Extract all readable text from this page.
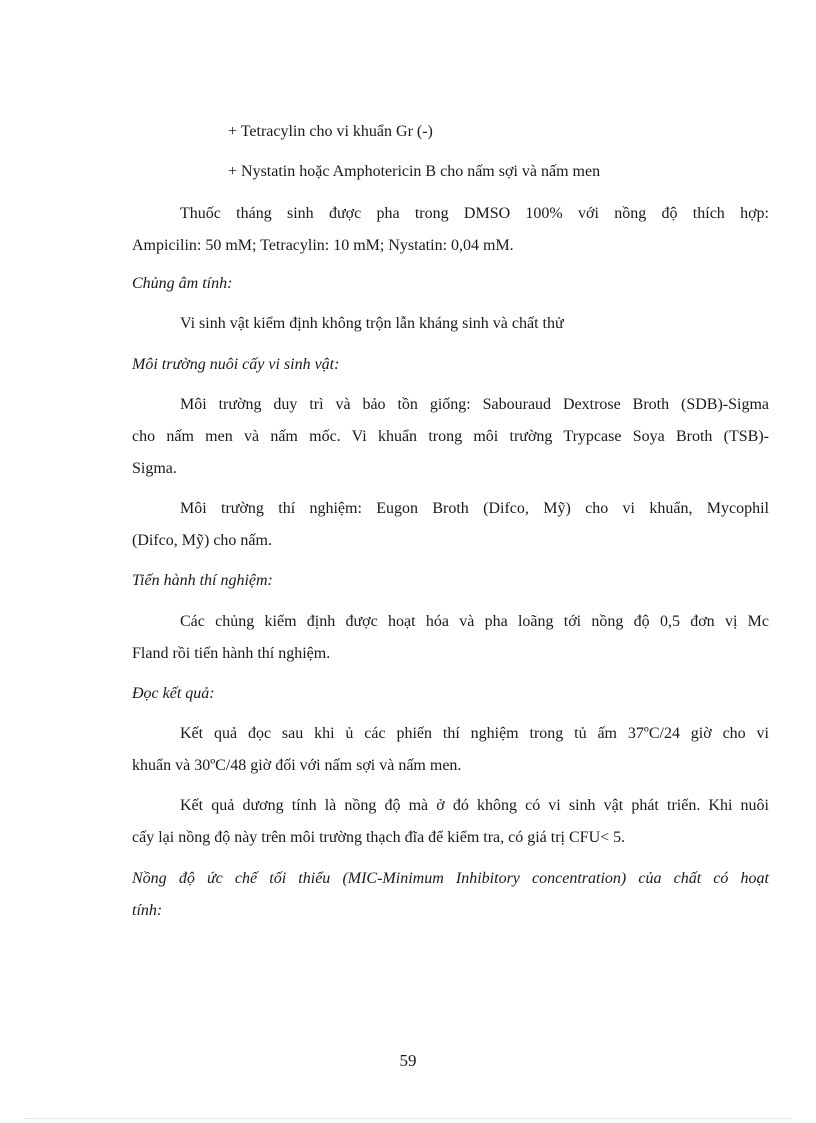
+ Tetracylin cho vi khuẩn Gr (-)
+ Nystatin hoặc Amphotericin B cho nấm sợi và nấm men
Thuốc tháng sinh được pha trong DMSO 100% với nồng độ thích hợp:
Ampicilin: 50 mM; Tetracylin: 10 mM; Nystatin: 0,04 mM.
Chủng âm tính:
Vi sinh vật kiểm định không trộn lẫn kháng sinh và chất thử
Môi trường nuôi cấy vi sinh vật:
Môi trường duy trì và bảo tồn giống: Sabouraud Dextrose Broth (SDB)-Sigma
cho nấm men và nấm mốc. Vi khuẩn trong môi trường Trypcase Soya Broth (TSB)-
Sigma.
Môi trường thí nghiệm: Eugon Broth (Difco, Mỹ) cho vi khuẩn, Mycophil
(Difco, Mỹ) cho nấm.
Tiến hành thí nghiệm:
Các chủng kiểm định được hoạt hóa và pha loãng tới nồng độ 0,5 đơn vị Mc
Fland rồi tiến hành thí nghiệm.
Đọc kết quả:
Kết quả đọc sau khi ủ các phiến thí nghiệm trong tủ ấm 37ºC/24 giờ cho vi
khuẩn và 30ºC/48 giờ đối với nấm sợi và nấm men.
Kết quả dương tính là nồng độ mà ở đó không có vi sinh vật phát triển. Khi nuôi
cấy lại nồng độ này trên môi trường thạch đĩa để kiểm tra, có giá trị CFU< 5.
Nồng độ ức chế tối thiểu (MIC-Minimum Inhibitory concentration) của chất có hoạt
tính:
59
